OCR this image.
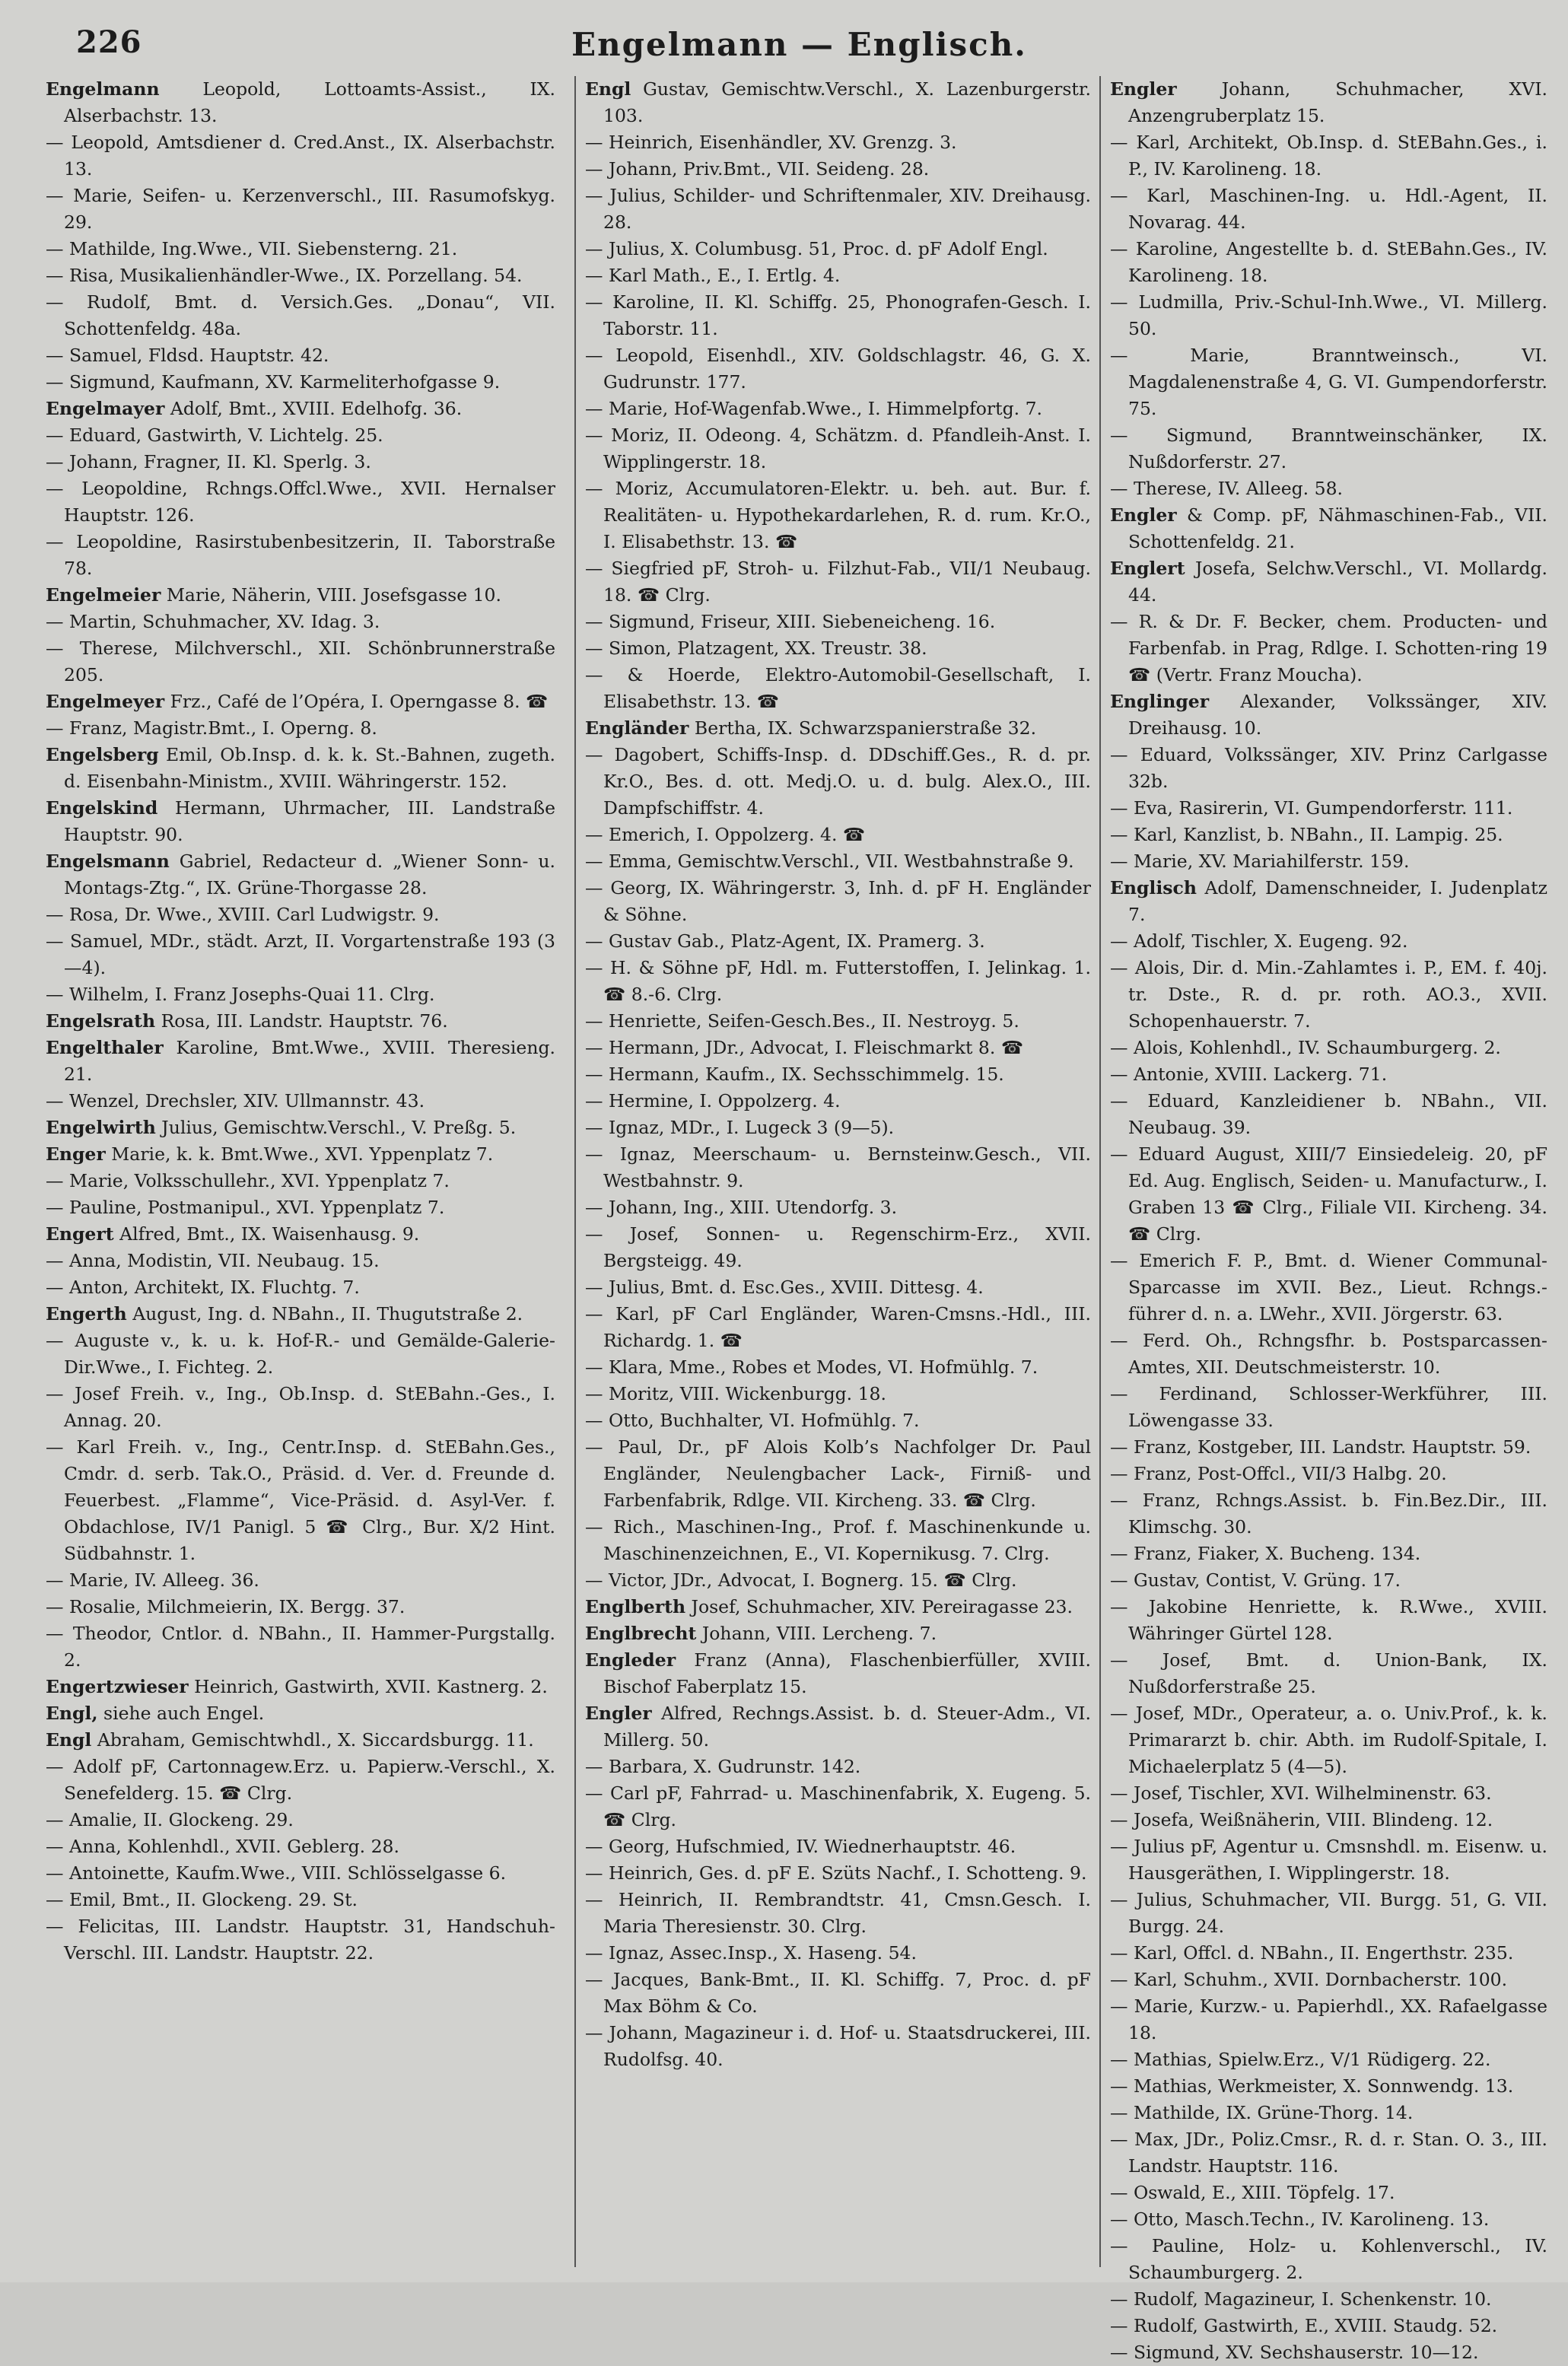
226	Engelmann — Englisch.

Engelmann Leopold, Lottoamts-Assist., IX. Alserbachstr. 13.

— Leopold, Amtsdiener d. Cred.Anst., IX. Alserbachstr. 13.

— Marie, Seifen- u. Kerzenverschl., III. Rasumofskyg. 29.

— Mathilde, Ing.Wwe., VII. Siebensterng. 21.

— Risa, Musikalienhändler-Wwe., IX. Porzellang. 54.

— Rudolf, Bmt. d. Versich.Ges. „Donau“, VII. Schottenfeldg. 48a.

— Samuel, Fldsd. Hauptstr. 42.

— Sigmund, Kaufmann, XV. Karmeliterhofgasse 9.

Engelmayer Adolf, Bmt., XVIII. Edelhofg. 36.

— Eduard, Gastwirth, V. Lichtelg. 25.

— Johann, Fragner, II. Kl. Sperlg. 3.

— Leopoldine, Rchngs.Offcl.Wwe., XVII. Hernalser Hauptstr. 126.

— Leopoldine, Rasirstubenbesitzerin, II. Taborstraße 78.

Engelmeier Marie, Näherin, VIII. Josefsgasse 10.

— Martin, Schuhmacher, XV. Idag. 3.

— Therese, Milchverschl., XII. Schönbrunnerstraße 205.

Engelmeyer Frz., Café de l’Opéra, I. Operngasse 8. ☎

— Franz, Magistr.Bmt., I. Operng. 8.

Engelsberg Emil, Ob.Insp. d. k. k. St.-Bahnen, zugeth. d. Eisenbahn-Ministm., XVIII. Währingerstr. 152.

Engelskind Hermann, Uhrmacher, III. Landstraße Hauptstr. 90.

Engelsmann Gabriel, Redacteur d. „Wiener Sonn- u. Montags-Ztg.“, IX. Grüne-Thorgasse 28.

— Rosa, Dr. Wwe., XVIII. Carl Ludwigstr. 9.

— Samuel, MDr., städt. Arzt, II. Vorgartenstraße 193 (3—4).

— Wilhelm, I. Franz Josephs-Quai 11. Clrg.

Engelsrath Rosa, III. Landstr. Hauptstr. 76.

Engelthaler Karoline, Bmt.Wwe., XVIII. Theresieng. 21.

— Wenzel, Drechsler, XIV. Ullmannstr. 43.

Engelwirth Julius, Gemischtw.Verschl., V. Preßg. 5.

Enger Marie, k. k. Bmt.Wwe., XVI. Yppenplatz 7.

— Marie, Volksschullehr., XVI. Yppenplatz 7.

— Pauline, Postmanipul., XVI. Yppenplatz 7.

Engert Alfred, Bmt., IX. Waisenhausg. 9.

— Anna, Modistin, VII. Neubaug. 15.

— Anton, Architekt, IX. Fluchtg. 7.

Engerth August, Ing. d. NBahn., II. Thugutstraße 2.

— Auguste v., k. u. k. Hof-R.- und Gemälde-Galerie-Dir.Wwe., I. Fichteg. 2.

— Josef Freih. v., Ing., Ob.Insp. d. StEBahn.-Ges., I. Annag. 20.

— Karl Freih. v., Ing., Centr.Insp. d. StEBahn.Ges., Cmdr. d. serb. Tak.O., Präsid. d. Ver. d. Freunde d. Feuerbest. „Flamme“, Vice-Präsid. d. Asyl-Ver. f. Obdachlose, IV/1 Panigl. 5 ☎ Clrg., Bur. X/2 Hint. Südbahnstr. 1.

— Marie, IV. Alleeg. 36.

— Rosalie, Milchmeierin, IX. Bergg. 37.

— Theodor, Cntlor. d. NBahn., II. Hammer-Purgstallg. 2.

Engertzwieser Heinrich, Gastwirth, XVII. Kastnerg. 2.

Engl, siehe auch Engel.

Engl Abraham, Gemischtwhdl., X. Siccardsburgg. 11.

— Adolf pF, Cartonnagew.Erz. u. Papierw.-Verschl., X. Senefelderg. 15. ☎ Clrg.

— Amalie, II. Glockeng. 29.

— Anna, Kohlenhdl., XVII. Geblerg. 28.

— Antoinette, Kaufm.Wwe., VIII. Schlösselgasse 6.

— Emil, Bmt., II. Glockeng. 29. St.

— Felicitas, III. Landstr. Hauptstr. 31, Handschuh-Verschl. III. Landstr. Hauptstr. 22.

Engl Gustav, Gemischtw.Verschl., X. Lazenburgerstr. 103.

— Heinrich, Eisenhändler, XV. Grenzg. 3.

— Johann, Priv.Bmt., VII. Seideng. 28.

— Julius, Schilder- und Schriftenmaler, XIV. Dreihausg. 28.

— Julius, X. Columbusg. 51, Proc. d. pF Adolf Engl.

— Karl Math., E., I. Ertlg. 4.

— Karoline, II. Kl. Schiffg. 25, Phonografen-Gesch. I. Taborstr. 11.

— Leopold, Eisenhdl., XIV. Goldschlagstr. 46, G. X. Gudrunstr. 177.

— Marie, Hof-Wagenfab.Wwe., I. Himmelpfortg. 7.

— Moriz, II. Odeong. 4, Schätzm. d. Pfandleih-Anst. I. Wipplingerstr. 18.

— Moriz, Accumulatoren-Elektr. u. beh. aut. Bur. f. Realitäten- u. Hypothekardarlehen, R. d. rum. Kr.O., I. Elisabethstr. 13. ☎

— Siegfried pF, Stroh- u. Filzhut-Fab., VII/1 Neubaug. 18. ☎ Clrg.

— Sigmund, Friseur, XIII. Siebeneicheng. 16.

— Simon, Platzagent, XX. Treustr. 38.

— & Hoerde, Elektro-Automobil-Gesellschaft, I. Elisabethstr. 13. ☎

Engländer Bertha, IX. Schwarzspanierstraße 32.

— Dagobert, Schiffs-Insp. d. DDschiff.Ges., R. d. pr. Kr.O., Bes. d. ott. Medj.O. u. d. bulg. Alex.O., III. Dampfschiffstr. 4.

— Emerich, I. Oppolzerg. 4. ☎

— Emma, Gemischtw.Verschl., VII. Westbahnstraße 9.

— Georg, IX. Währingerstr. 3, Inh. d. pF H. Engländer & Söhne.

— Gustav Gab., Platz-Agent, IX. Pramerg. 3.

— H. & Söhne pF, Hdl. m. Futterstoffen, I. Jelinkag. 1. ☎ 8.-6. Clrg.

— Henriette, Seifen-Gesch.Bes., II. Nestroyg. 5.

— Hermann, JDr., Advocat, I. Fleischmarkt 8. ☎

— Hermann, Kaufm., IX. Sechsschimmelg. 15.

— Hermine, I. Oppolzerg. 4.

— Ignaz, MDr., I. Lugeck 3 (9—5).

— Ignaz, Meerschaum- u. Bernsteinw.Gesch., VII. Westbahnstr. 9.

— Johann, Ing., XIII. Utendorfg. 3.

— Josef, Sonnen- u. Regenschirm-Erz., XVII. Bergsteigg. 49.

— Julius, Bmt. d. Esc.Ges., XVIII. Dittesg. 4.

— Karl, pF Carl Engländer, Waren-Cmsns.-Hdl., III. Richardg. 1. ☎

— Klara, Mme., Robes et Modes, VI. Hofmühlg. 7.

— Moritz, VIII. Wickenburgg. 18.

— Otto, Buchhalter, VI. Hofmühlg. 7.

— Paul, Dr., pF Alois Kolb’s Nachfolger Dr. Paul Engländer, Neulengbacher Lack-, Firniß- und Farbenfabrik, Rdlge. VII. Kircheng. 33. ☎ Clrg.

— Rich., Maschinen-Ing., Prof. f. Maschinenkunde u. Maschinenzeichnen, E., VI. Kopernikusg. 7. Clrg.

— Victor, JDr., Advocat, I. Bognerg. 15. ☎ Clrg.

Englberth Josef, Schuhmacher, XIV. Pereiragasse 23.

Englbrecht Johann, VIII. Lercheng. 7.

Engleder Franz (Anna), Flaschenbierfüller, XVIII. Bischof Faberplatz 15.

Engler Alfred, Rechngs.Assist. b. d. Steuer-Adm., VI. Millerg. 50.

— Barbara, X. Gudrunstr. 142.

— Carl pF, Fahrrad- u. Maschinenfabrik, X. Eugeng. 5. ☎ Clrg.

— Georg, Hufschmied, IV. Wiednerhauptstr. 46.

— Heinrich, Ges. d. pF E. Szüts Nachf., I. Schotteng. 9.

— Heinrich, II. Rembrandtstr. 41, Cmsn.Gesch. I. Maria Theresienstr. 30. Clrg.

— Ignaz, Assec.Insp., X. Haseng. 54.

— Jacques, Bank-Bmt., II. Kl. Schiffg. 7, Proc. d. pF Max Böhm & Co.

— Johann, Magazineur i. d. Hof- u. Staatsdruckerei, III. Rudolfsg. 40.

Engler	Johann, Schuhmacher, XVI. Anzengruberplatz 15.

— Karl, Architekt, Ob.Insp. d. StEBahn.Ges., i. P., IV. Karolineng. 18.

— Karl, Maschinen-Ing. u. Hdl.-Agent, II. Novarag. 44.

— Karoline, Angestellte b. d. StEBahn.Ges., IV. Karolineng. 18.

— Ludmilla, Priv.-Schul-Inh.Wwe., VI. Millerg. 50.

— Marie, Branntweinsch., VI. Magdalenenstraße 4, G. VI. Gumpendorferstr. 75.

— Sigmund, Branntweinschänker, IX. Nußdorferstr. 27.

— Therese, IV. Alleeg. 58.

Engler & Comp. pF, Nähmaschinen-Fab., VII. Schottenfeldg. 21.

Englert Josefa, Selchw.Verschl., VI. Mollardg. 44.

— R. & Dr. F. Becker, chem. Producten- und Farbenfab. in Prag, Rdlge. I. Schotten-ring 19 ☎ (Vertr. Franz Moucha).

Englinger Alexander, Volkssänger, XIV. Dreihausg. 10.

— Eduard, Volkssänger, XIV. Prinz Carlgasse 32b.

— Eva, Rasirerin, VI. Gumpendorferstr. 111.

— Karl, Kanzlist, b. NBahn., II. Lampig. 25.

— Marie, XV. Mariahilferstr. 159.

Englisch Adolf, Damenschneider, I. Judenplatz 7.

— Adolf, Tischler, X. Eugeng. 92.

— Alois, Dir. d. Min.-Zahlamtes i. P., EM. f. 40j. tr. Dste., R. d. pr. roth. AO.3., XVII. Schopenhauerstr. 7.

— Alois, Kohlenhdl., IV. Schaumburgerg. 2.

— Antonie, XVIII. Lackerg. 71.

— Eduard, Kanzleidiener b. NBahn., VII. Neubaug. 39.

— Eduard August, XIII/7 Einsiedeleig. 20, pF Ed. Aug. Englisch, Seiden- u. Manufacturw., I. Graben 13 ☎ Clrg., Filiale VII. Kircheng. 34. ☎ Clrg.

— Emerich F. P., Bmt. d. Wiener Communal-Sparcasse im XVII. Bez., Lieut. Rchngs.-führer d. n. a. LWehr., XVII. Jörgerstr. 63.

— Ferd. Oh., Rchngsfhr. b. Postsparcassen-Amtes, XII. Deutschmeisterstr. 10.

— Ferdinand, Schlosser-Werkführer, III. Löwengasse 33.

— Franz, Kostgeber, III. Landstr. Hauptstr. 59.

— Franz, Post-Offcl., VII/3 Halbg. 20.

— Franz, Rchngs.Assist. b. Fin.Bez.Dir., III. Klimschg. 30.

— Franz, Fiaker, X. Bucheng. 134.

— Gustav, Contist, V. Grüng. 17.

— Jakobine Henriette, k. R.Wwe., XVIII. Währinger Gürtel 128.

— Josef, Bmt. d. Union-Bank, IX. Nußdorferstraße 25.

— Josef, MDr., Operateur, a. o. Univ.Prof., k. k. Primararzt b. chir. Abth. im Rudolf-Spitale, I. Michaelerplatz 5 (4—5).

— Josef, Tischler, XVI. Wilhelminenstr. 63.

— Josefa, Weißnäherin, VIII. Blindeng. 12.

— Julius pF, Agentur u. Cmsnshdl. m. Eisenw. u. Hausgeräthen, I. Wipplingerstr. 18.

— Julius, Schuhmacher, VII. Burgg. 51, G. VII. Burgg. 24.

— Karl, Offcl. d. NBahn., II. Engerthstr. 235.

— Karl, Schuhm., XVII. Dornbacherstr. 100.

— Marie, Kurzw.- u. Papierhdl., XX. Rafaelgasse 18.

— Mathias, Spielw.Erz., V/1 Rüdigerg. 22.

— Mathias, Werkmeister, X. Sonnwendg. 13.

— Mathilde, IX. Grüne-Thorg. 14.

— Max, JDr., Poliz.Cmsr., R. d. r. Stan. O. 3., III. Landstr. Hauptstr. 116.

— Oswald, E., XIII. Töpfelg. 17.

— Otto, Masch.Techn., IV. Karolineng. 13.

— Pauline, Holz- u. Kohlenverschl., IV. Schaumburgerg. 2.

— Rudolf, Magazineur, I. Schenkenstr. 10.

— Rudolf, Gastwirth, E., XVIII. Staudg. 52.

— Sigmund, XV. Sechshauserstr. 10—12.
